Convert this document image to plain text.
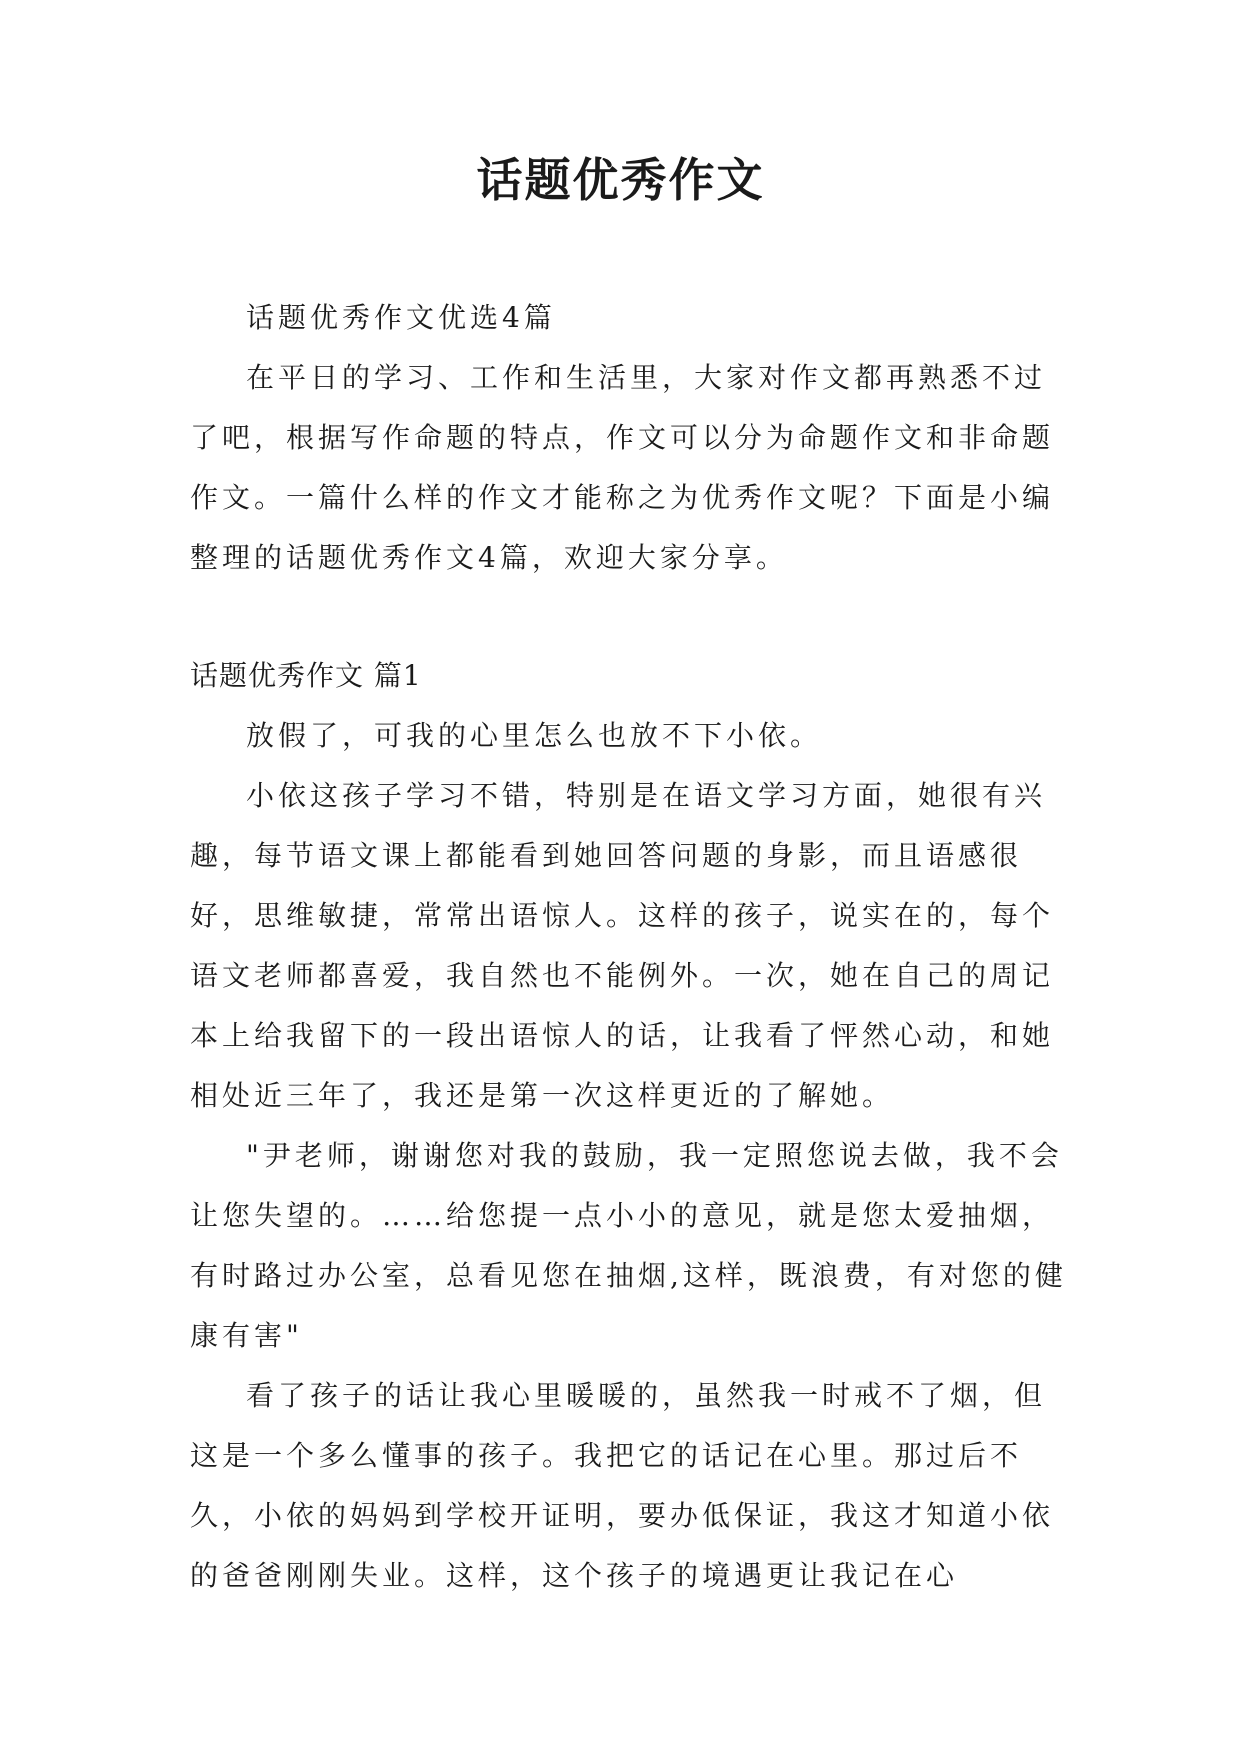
话题优秀作文

话题优秀作文优选4篇

在平日的学习、工作和生活里，大家对作文都再熟悉不过了吧，根据写作命题的特点，作文可以分为命题作文和非命题作文。一篇什么样的作文才能称之为优秀作文呢？下面是小编整理的话题优秀作文4篇，欢迎大家分享。

话题优秀作文 篇1

放假了，可我的心里怎么也放不下小依。

小依这孩子学习不错，特别是在语文学习方面，她很有兴趣，每节语文课上都能看到她回答问题的身影，而且语感很好，思维敏捷，常常出语惊人。这样的孩子，说实在的，每个语文老师都喜爱，我自然也不能例外。一次，她在自己的周记本上给我留下的一段出语惊人的话，让我看了怦然心动，和她相处近三年了，我还是第一次这样更近的了解她。

"尹老师，谢谢您对我的鼓励，我一定照您说去做，我不会让您失望的。……给您提一点小小的意见，就是您太爱抽烟，有时路过办公室，总看见您在抽烟,这样，既浪费，有对您的健康有害"

看了孩子的话让我心里暖暖的，虽然我一时戒不了烟，但这是一个多么懂事的孩子。我把它的话记在心里。那过后不久，小依的妈妈到学校开证明，要办低保证，我这才知道小依的爸爸刚刚失业。这样，这个孩子的境遇更让我记在心
